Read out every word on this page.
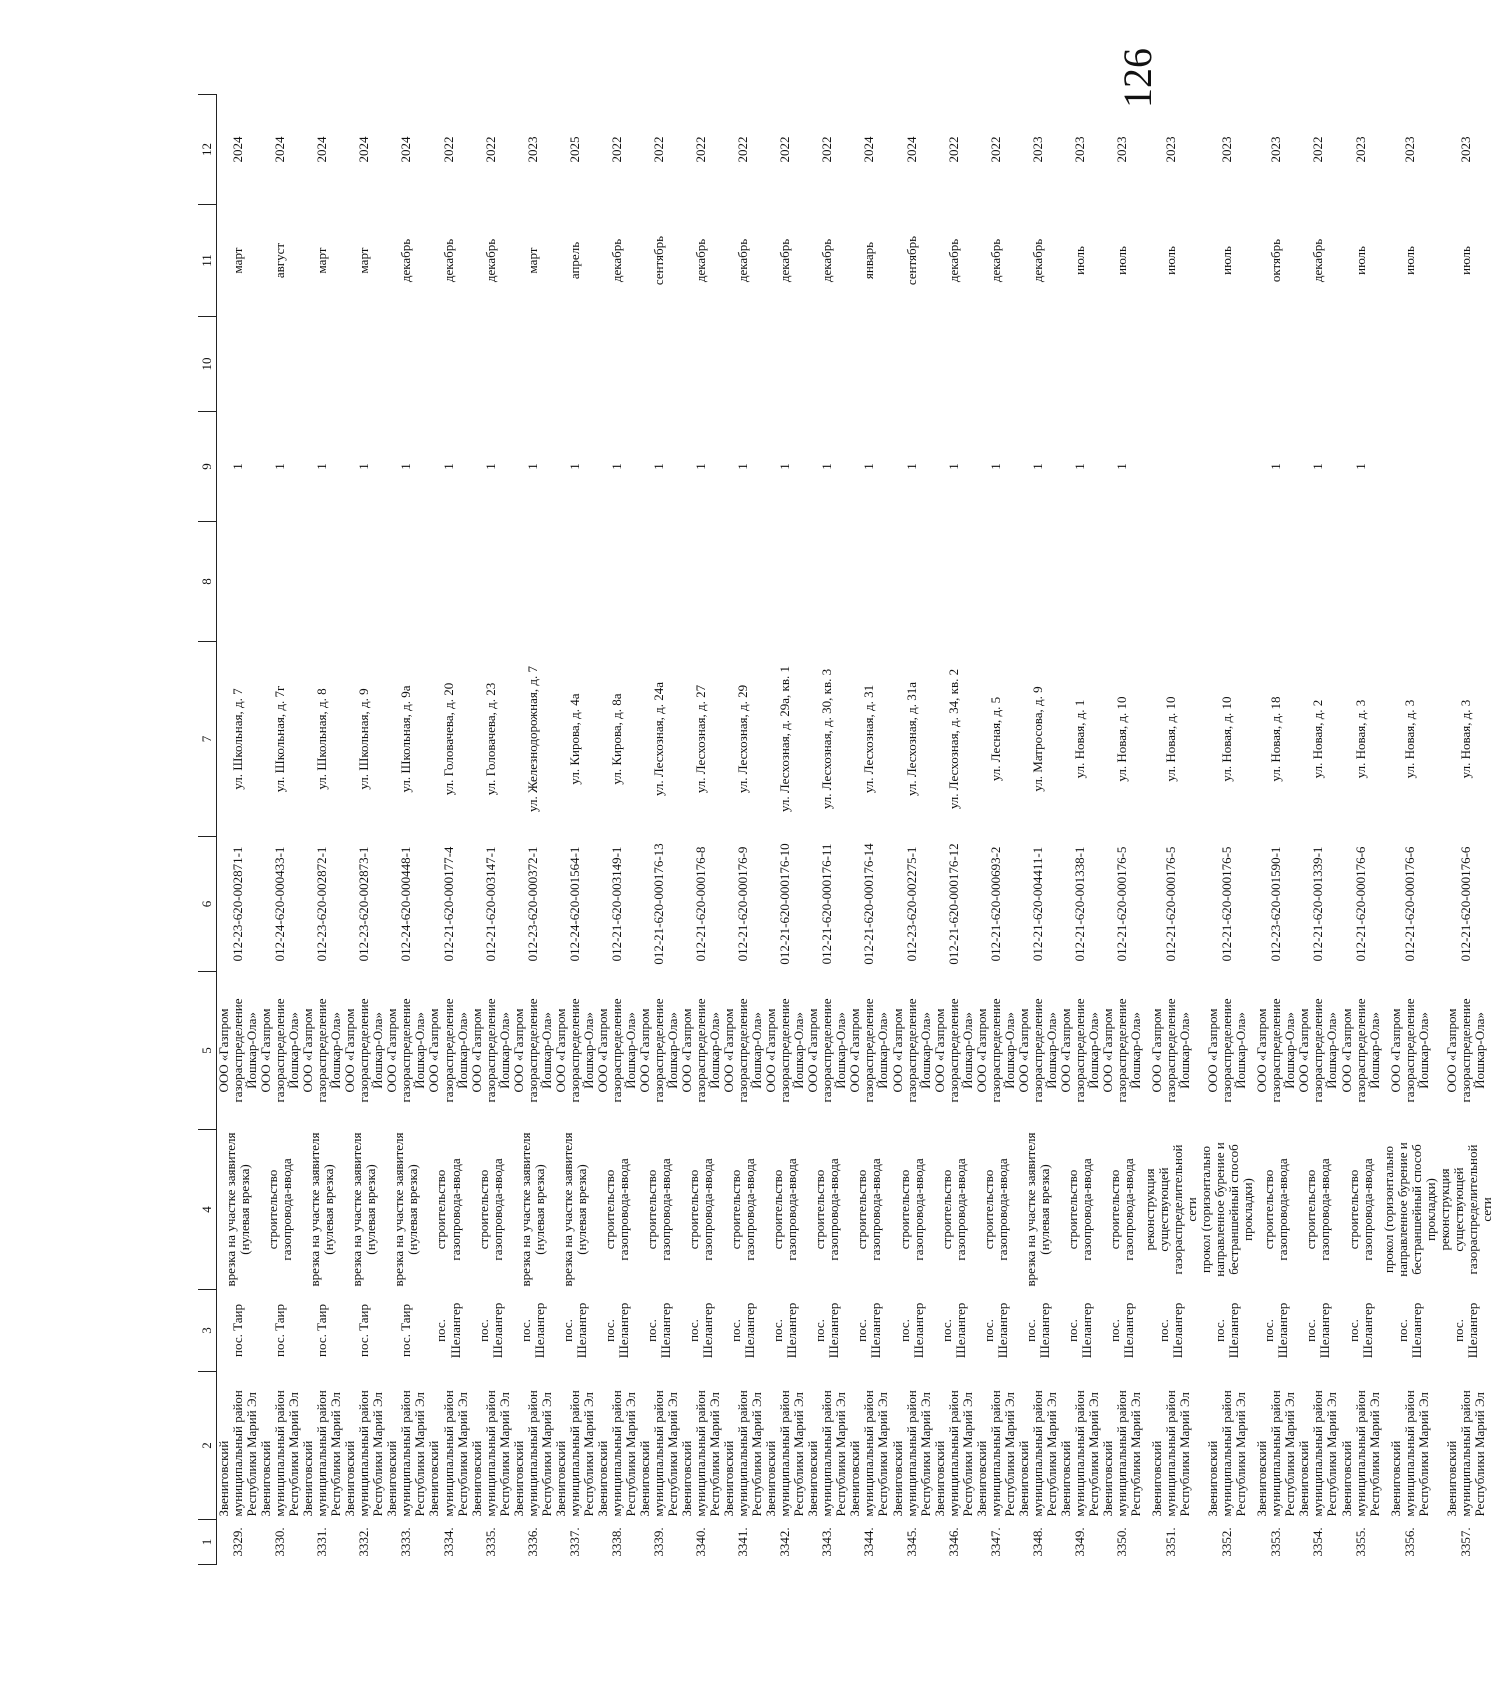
126
1	2	3	4	5	6	7	8	9	10	11	12
3329.	Звениговский муниципальный район Республики Марий Эл	пос. Таир	врезка на участке заявителя (нулевая врезка)	ООО «Газпром газораспределение Йошкар-Ола»	012-23-620-002871-1	ул. Школьная, д. 7		1		март	2024
3330.	Звениговский муниципальный район Республики Марий Эл	пос. Таир	строительство газопровода-ввода	ООО «Газпром газораспределение Йошкар-Ола»	012-24-620-000433-1	ул. Школьная, д. 7г		1		август	2024
3331.	Звениговский муниципальный район Республики Марий Эл	пос. Таир	врезка на участке заявителя (нулевая врезка)	ООО «Газпром газораспределение Йошкар-Ола»	012-23-620-002872-1	ул. Школьная, д. 8		1		март	2024
3332.	Звениговский муниципальный район Республики Марий Эл	пос. Таир	врезка на участке заявителя (нулевая врезка)	ООО «Газпром газораспределение Йошкар-Ола»	012-23-620-002873-1	ул. Школьная, д. 9		1		март	2024
3333.	Звениговский муниципальный район Республики Марий Эл	пос. Таир	врезка на участке заявителя (нулевая врезка)	ООО «Газпром газораспределение Йошкар-Ола»	012-24-620-000448-1	ул. Школьная, д. 9а		1		декабрь	2024
3334.	Звениговский муниципальный район Республики Марий Эл	пос. Шелангер	строительство газопровода-ввода	ООО «Газпром газораспределение Йошкар-Ола»	012-21-620-000177-4	ул. Головачева, д. 20		1		декабрь	2022
3335.	Звениговский муниципальный район Республики Марий Эл	пос. Шелангер	строительство газопровода-ввода	ООО «Газпром газораспределение Йошкар-Ола»	012-21-620-003147-1	ул. Головачева, д. 23		1		декабрь	2022
3336.	Звениговский муниципальный район Республики Марий Эл	пос. Шелангер	врезка на участке заявителя (нулевая врезка)	ООО «Газпром газораспределение Йошкар-Ола»	012-23-620-000372-1	ул. Железнодорожная, д. 7		1		март	2023
3337.	Звениговский муниципальный район Республики Марий Эл	пос. Шелангер	врезка на участке заявителя (нулевая врезка)	ООО «Газпром газораспределение Йошкар-Ола»	012-24-620-001564-1	ул. Кирова, д. 4а		1		апрель	2025
3338.	Звениговский муниципальный район Республики Марий Эл	пос. Шелангер	строительство газопровода-ввода	ООО «Газпром газораспределение Йошкар-Ола»	012-21-620-003149-1	ул. Кирова, д. 8а		1		декабрь	2022
3339.	Звениговский муниципальный район Республики Марий Эл	пос. Шелангер	строительство газопровода-ввода	ООО «Газпром газораспределение Йошкар-Ола»	012-21-620-000176-13	ул. Лесхозная, д. 24а		1		сентябрь	2022
3340.	Звениговский муниципальный район Республики Марий Эл	пос. Шелангер	строительство газопровода-ввода	ООО «Газпром газораспределение Йошкар-Ола»	012-21-620-000176-8	ул. Лесхозная, д. 27		1		декабрь	2022
3341.	Звениговский муниципальный район Республики Марий Эл	пос. Шелангер	строительство газопровода-ввода	ООО «Газпром газораспределение Йошкар-Ола»	012-21-620-000176-9	ул. Лесхозная, д. 29		1		декабрь	2022
3342.	Звениговский муниципальный район Республики Марий Эл	пос. Шелангер	строительство газопровода-ввода	ООО «Газпром газораспределение Йошкар-Ола»	012-21-620-000176-10	ул. Лесхозная, д. 29а, кв. 1		1		декабрь	2022
3343.	Звениговский муниципальный район Республики Марий Эл	пос. Шелангер	строительство газопровода-ввода	ООО «Газпром газораспределение Йошкар-Ола»	012-21-620-000176-11	ул. Лесхозная, д. 30, кв. 3		1		декабрь	2022
3344.	Звениговский муниципальный район Республики Марий Эл	пос. Шелангер	строительство газопровода-ввода	ООО «Газпром газораспределение Йошкар-Ола»	012-21-620-000176-14	ул. Лесхозная, д. 31		1		январь	2024
3345.	Звениговский муниципальный район Республики Марий Эл	пос. Шелангер	строительство газопровода-ввода	ООО «Газпром газораспределение Йошкар-Ола»	012-23-620-002275-1	ул. Лесхозная, д. 31а		1		сентябрь	2024
3346.	Звениговский муниципальный район Республики Марий Эл	пос. Шелангер	строительство газопровода-ввода	ООО «Газпром газораспределение Йошкар-Ола»	012-21-620-000176-12	ул. Лесхозная, д. 34, кв. 2		1		декабрь	2022
3347.	Звениговский муниципальный район Республики Марий Эл	пос. Шелангер	строительство газопровода-ввода	ООО «Газпром газораспределение Йошкар-Ола»	012-21-620-000693-2	ул. Лесная, д. 5		1		декабрь	2022
3348.	Звениговский муниципальный район Республики Марий Эл	пос. Шелангер	врезка на участке заявителя (нулевая врезка)	ООО «Газпром газораспределение Йошкар-Ола»	012-21-620-004411-1	ул. Матросова, д. 9		1		декабрь	2023
3349.	Звениговский муниципальный район Республики Марий Эл	пос. Шелангер	строительство газопровода-ввода	ООО «Газпром газораспределение Йошкар-Ола»	012-21-620-001338-1	ул. Новая, д. 1		1		июль	2023
3350.	Звениговский муниципальный район Республики Марий Эл	пос. Шелангер	строительство газопровода-ввода	ООО «Газпром газораспределение Йошкар-Ола»	012-21-620-000176-5	ул. Новая, д. 10		1		июль	2023
3351.	Звениговский муниципальный район Республики Марий Эл	пос. Шелангер	реконструкция существующей газораспределительной сети	ООО «Газпром газораспределение Йошкар-Ола»	012-21-620-000176-5	ул. Новая, д. 10				июль	2023
3352.	Звениговский муниципальный район Республики Марий Эл	пос. Шелангер	прокол (горизонтально направленное бурение и бестраншейный способ прокладки)	ООО «Газпром газораспределение Йошкар-Ола»	012-21-620-000176-5	ул. Новая, д. 10				июль	2023
3353.	Звениговский муниципальный район Республики Марий Эл	пос. Шелангер	строительство газопровода-ввода	ООО «Газпром газораспределение Йошкар-Ола»	012-23-620-001590-1	ул. Новая, д. 18		1		октябрь	2023
3354.	Звениговский муниципальный район Республики Марий Эл	пос. Шелангер	строительство газопровода-ввода	ООО «Газпром газораспределение Йошкар-Ола»	012-21-620-001339-1	ул. Новая, д. 2		1		декабрь	2022
3355.	Звениговский муниципальный район Республики Марий Эл	пос. Шелангер	строительство газопровода-ввода	ООО «Газпром газораспределение Йошкар-Ола»	012-21-620-000176-6	ул. Новая, д. 3		1		июль	2023
3356.	Звениговский муниципальный район Республики Марий Эл	пос. Шелангер	прокол (горизонтально направленное бурение и бестраншейный способ прокладки)	ООО «Газпром газораспределение Йошкар-Ола»	012-21-620-000176-6	ул. Новая, д. 3				июль	2023
3357.	Звениговский муниципальный район Республики Марий Эл	пос. Шелангер	реконструкция существующей газораспределительной сети	ООО «Газпром газораспределение Йошкар-Ола»	012-21-620-000176-6	ул. Новая, д. 3				июль	2023
